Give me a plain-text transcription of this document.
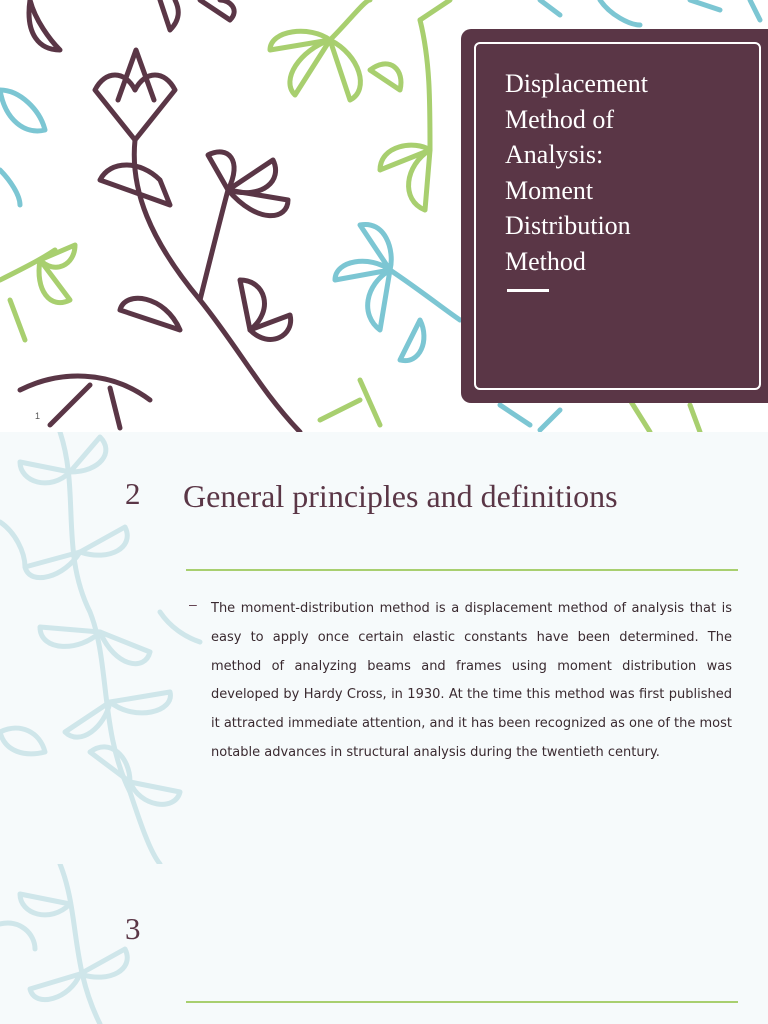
Displacement
Method of
Analysis:
Moment
Distribution
Method
1
2 General principles and definitions
– The moment-distribution method is a displacement method of analysis that is easy to apply once certain elastic constants have been determined. The method of analyzing beams and frames using moment distribution was developed by Hardy Cross, in 1930. At the time this method was first published it attracted immediate attention, and it has been recognized as one of the most notable advances in structural analysis during the twentieth century.
3
